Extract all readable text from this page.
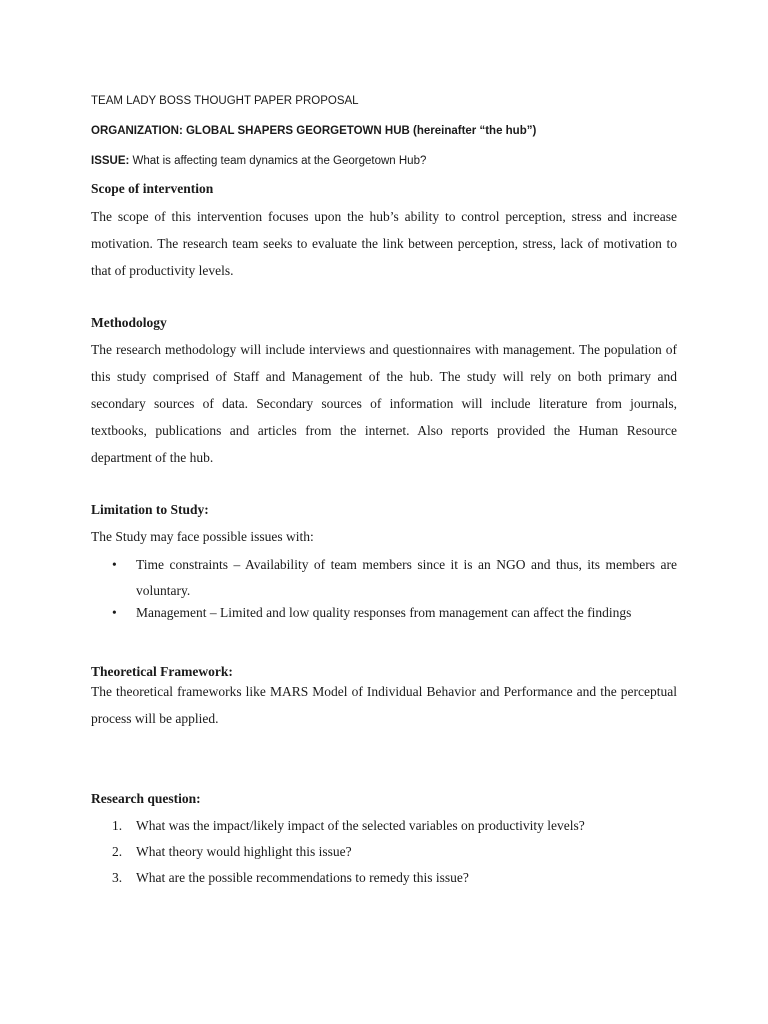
TEAM LADY BOSS THOUGHT PAPER PROPOSAL
ORGANIZATION: GLOBAL SHAPERS GEORGETOWN HUB (hereinafter “the hub”)
ISSUE: What is affecting team dynamics at the Georgetown Hub?
Scope of intervention
The scope of this intervention focuses upon the hub’s ability to control perception, stress and increase motivation. The research team seeks to evaluate the link between perception, stress, lack of motivation to that of productivity levels.
Methodology
The research methodology will include interviews and questionnaires with management. The population of this study comprised of Staff and Management of the hub. The study will rely on both primary and secondary sources of data. Secondary sources of information will include literature from journals, textbooks, publications and articles from the internet. Also reports provided the Human Resource department of the hub.
Limitation to Study:
The Study may face possible issues with:
• Time constraints – Availability of team members since it is an NGO and thus, its members are voluntary.
• Management – Limited and low quality responses from management can affect the findings
Theoretical Framework:
The theoretical frameworks like MARS Model of Individual Behavior and Performance and the perceptual process will be applied.
Research question:
1. What was the impact/likely impact of the selected variables on productivity levels?
2. What theory would highlight this issue?
3. What are the possible recommendations to remedy this issue?
